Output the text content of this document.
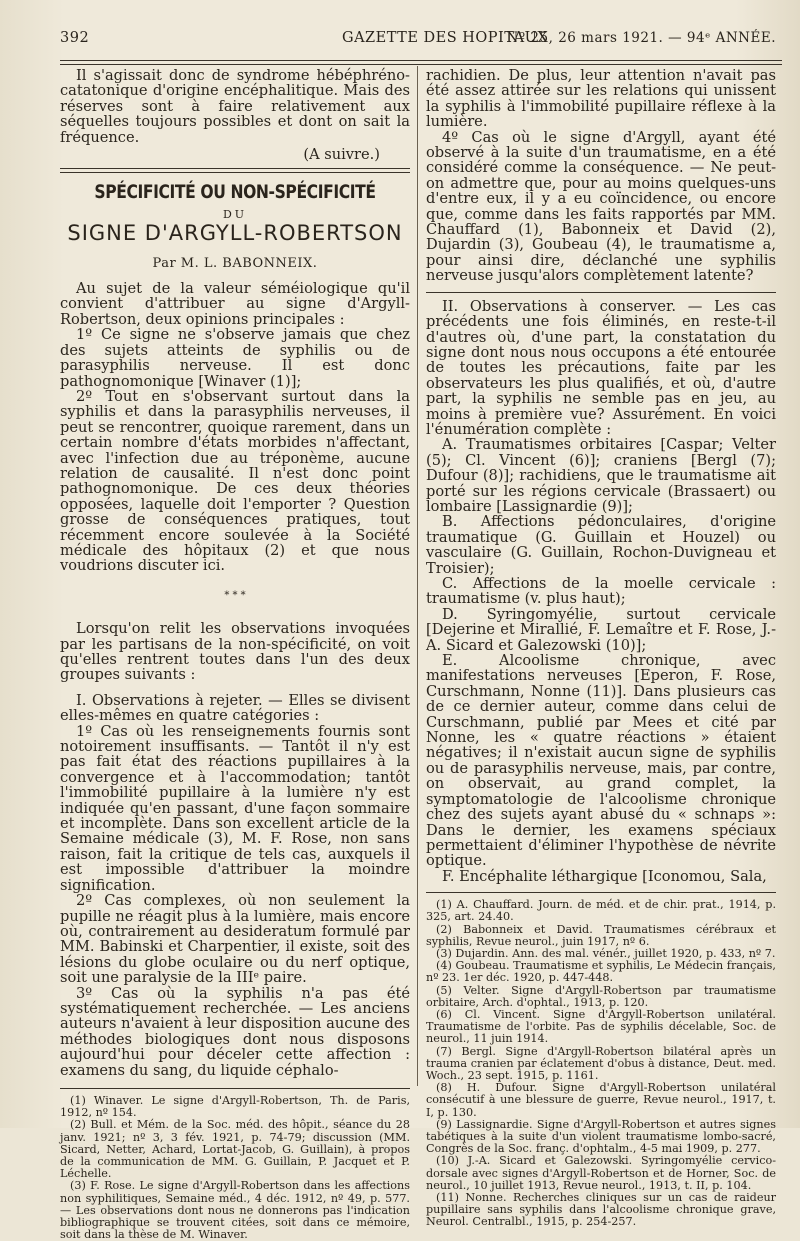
392	GAZETTE DES HOPITAUX
Nº 25, 26 mars 1921. — 94ᵉ ANNÉE.

Il s'agissait donc de syndrome hébéphréno-catatonique d'origine encéphalitique. Mais des réserves sont à faire relativement aux séquelles toujours possibles et dont on sait la fréquence.

(A suivre.)

SPÉCIFICITÉ OU NON-SPÉCIFICITÉ
DU
SIGNE D'ARGYLL-ROBERTSON
Par M. L. BABONNEIX.

Au sujet de la valeur séméiologique qu'il convient d'attribuer au signe d'Argyll-Robertson, deux opinions principales :

1º Ce signe ne s'observe jamais que chez des sujets atteints de syphilis ou de parasyphilis nerveuse. Il est donc pathognomonique [Winaver (1)];

2º Tout en s'observant surtout dans la syphilis et dans la parasyphilis nerveuses, il peut se rencontrer, quoique rarement, dans un certain nombre d'états morbides n'affectant, avec l'infection due au tréponème, aucune relation de causalité. Il n'est donc point pathognomonique. De ces deux théories opposées, laquelle doit l'emporter ? Question grosse de conséquences pratiques, tout récemment encore soulevée à la Société médicale des hôpitaux (2) et que nous voudrions discuter ici.

* * *

Lorsqu'on relit les observations invoquées par les partisans de la non-spécificité, on voit qu'elles rentrent toutes dans l'un des deux groupes suivants :

I. Observations à rejeter. — Elles se divisent elles-mêmes en quatre catégories :

1º Cas où les renseignements fournis sont notoirement insuffisants. — Tantôt il n'y est pas fait état des réactions pupillaires à la convergence et à l'accommodation; tantôt l'immobilité pupillaire à la lumière n'y est indiquée qu'en passant, d'une façon sommaire et incomplète. Dans son excellent article de la Semaine médicale (3), M. F. Rose, non sans raison, fait la critique de tels cas, auxquels il est impossible d'attribuer la moindre signification.

2º Cas complexes, où non seulement la pupille ne réagit plus à la lumière, mais encore où, contrairement au desideratum formulé par MM. Babinski et Charpentier, il existe, soit des lésions du globe oculaire ou du nerf optique, soit une paralysie de la IIIᵉ paire.

3º Cas où la syphilis n'a pas été systématiquement recherchée. — Les anciens auteurs n'avaient à leur disposition aucune des méthodes biologiques dont nous disposons aujourd'hui pour déceler cette affection : examens du sang, du liquide céphalo-

(1) Winaver. Le signe d'Argyll-Robertson, Th. de Paris, 1912, nº 154.

(2) Bull. et Mém. de la Soc. méd. des hôpit., séance du 28 janv. 1921; nº 3, 3 fév. 1921, p. 74-79; discussion (MM. Sicard, Netter, Achard, Lortat-Jacob, G. Guillain), à propos de la communication de MM. G. Guillain, P. Jacquet et P. Léchelle.

(3) F. Rose. Le signe d'Argyll-Robertson dans les affections non syphilitiques, Semaine méd., 4 déc. 1912, nº 49, p. 577. — Les observations dont nous ne donnerons pas l'indication bibliographique se trouvent citées, soit dans ce mémoire, soit dans la thèse de M. Winaver.

rachidien. De plus, leur attention n'avait pas été assez attirée sur les relations qui unissent la syphilis à l'immobilité pupillaire réflexe à la lumière.

4º Cas où le signe d'Argyll, ayant été observé à la suite d'un traumatisme, en a été considéré comme la conséquence. — Ne peut-on admettre que, pour au moins quelques-uns d'entre eux, il y a eu coïncidence, ou encore que, comme dans les faits rapportés par MM. Chauffard (1), Babonneix et David (2), Dujardin (3), Goubeau (4), le traumatisme a, pour ainsi dire, déclanché une syphilis nerveuse jusqu'alors complètement latente?

II. Observations à conserver. — Les cas précédents une fois éliminés, en reste-t-il d'autres où, d'une part, la constatation du signe dont nous nous occupons a été entourée de toutes les précautions, faite par les observateurs les plus qualifiés, et où, d'autre part, la syphilis ne semble pas en jeu, au moins à première vue? Assurément. En voici l'énumération complète :

A. Traumatismes orbitaires [Caspar; Velter (5); Cl. Vincent (6)]; craniens [Bergl (7); Dufour (8)]; rachidiens, que le traumatisme ait porté sur les régions cervicale (Brassaert) ou lombaire [Lassignardie (9)];

B. Affections pédonculaires, d'origine traumatique (G. Guillain et Houzel) ou vasculaire (G. Guillain, Rochon-Duvigneau et Troisier);

C. Affections de la moelle cervicale : traumatisme (v. plus haut);

D. Syringomyélie, surtout cervicale [Dejerine et Mirallié, F. Lemaître et F. Rose, J.-A. Sicard et Galezowski (10)];

E. Alcoolisme chronique, avec manifestations nerveuses [Eperon, F. Rose, Curschmann, Nonne (11)]. Dans plusieurs cas de ce dernier auteur, comme dans celui de Curschmann, publié par Mees et cité par Nonne, les « quatre réactions » étaient négatives; il n'existait aucun signe de syphilis ou de parasyphilis nerveuse, mais, par contre, on observait, au grand complet, la symptomatologie de l'alcoolisme chronique chez des sujets ayant abusé du « schnaps »: Dans le dernier, les examens spéciaux permettaient d'éliminer l'hypothèse de névrite optique.

F. Encéphalite léthargique [Iconomou, Sala,

(1) A. Chauffard. Journ. de méd. et de chir. prat., 1914, p. 325, art. 24.40.

(2) Babonneix et David. Traumatismes cérébraux et syphilis, Revue neurol., juin 1917, nº 6.

(3) Dujardin. Ann. des mal. vénér., juillet 1920, p. 433, nº 7.

(4) Goubeau. Traumatisme et syphilis, Le Médecin français, nº 23. 1er déc. 1920, p. 447-448.

(5) Velter. Signe d'Argyll-Robertson par traumatisme orbitaire, Arch. d'ophtal., 1913, p. 120.

(6) Cl. Vincent. Signe d'Argyll-Robertson unilatéral. Traumatisme de l'orbite. Pas de syphilis décelable, Soc. de neurol., 11 juin 1914.

(7) Bergl. Signe d'Argyll-Robertson bilatéral après un trauma cranien par éclatement d'obus à distance, Deut. med. Woch., 23 sept. 1915, p. 1161.

(8) H. Dufour. Signe d'Argyll-Robertson unilatéral consécutif à une blessure de guerre, Revue neurol., 1917, t. I, p. 130.

(9) Lassignardie. Signe d'Argyll-Robertson et autres signes tabétiques à la suite d'un violent traumatisme lombo-sacré, Congrès de la Soc. franç. d'ophtalm., 4-5 mai 1909, p. 277.

(10) J.-A. Sicard et Galezowski. Syringomyélie cervico-dorsale avec signes d'Argyll-Robertson et de Horner, Soc. de neurol., 10 juillet 1913, Revue neurol., 1913, t. II, p. 104.

(11) Nonne. Recherches cliniques sur un cas de raideur pupillaire sans syphilis dans l'alcoolisme chronique grave, Neurol. Centralbl., 1915, p. 254-257.
